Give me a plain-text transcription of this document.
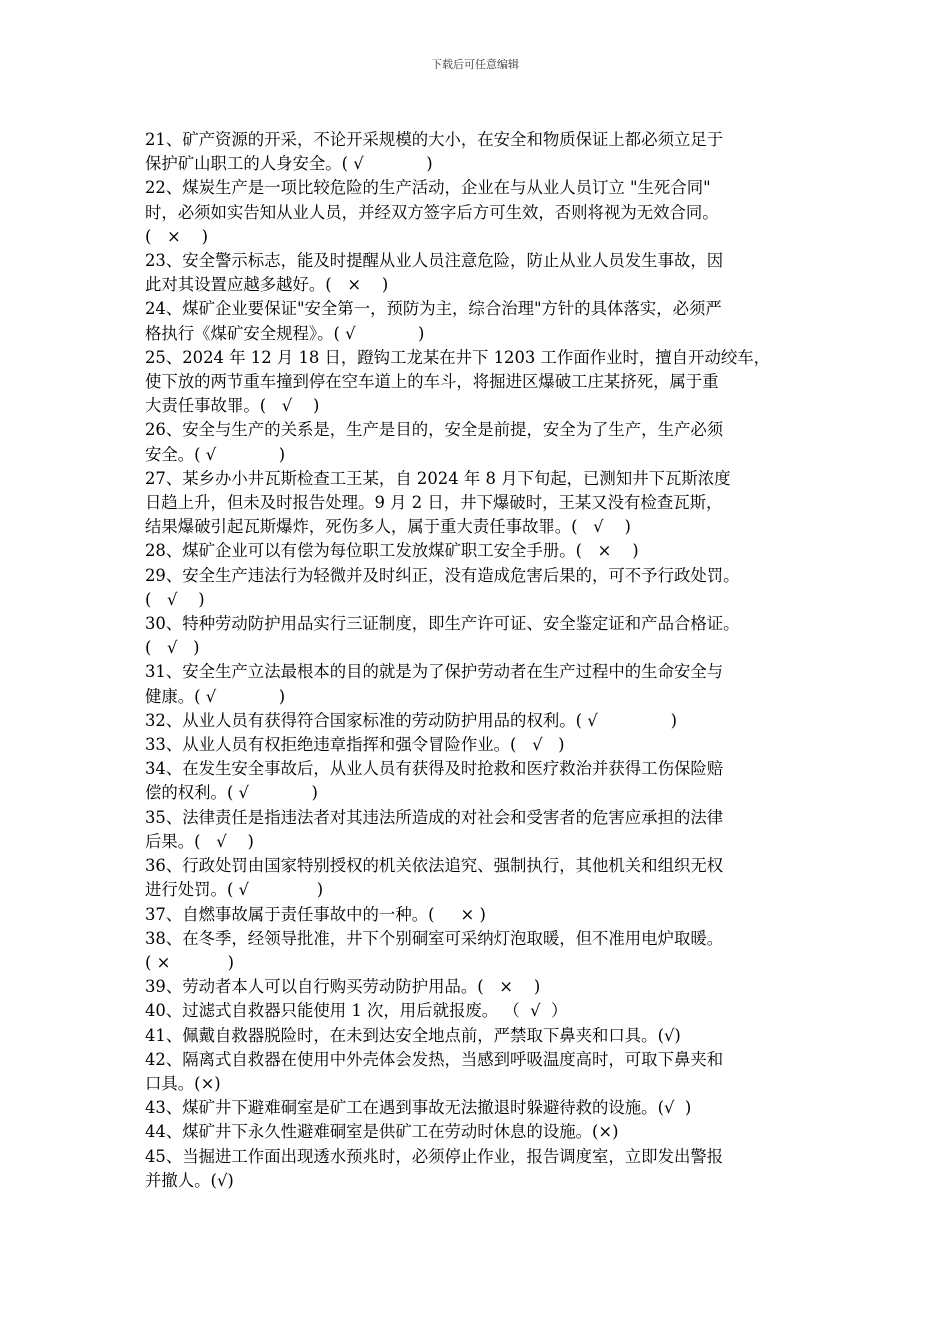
下载后可任意编辑
21、矿产资源的开采，不论开采规模的大小，在安全和物质保证上都必须立足于
保护矿山职工的人身安全。( √            )
22、煤炭生产是一项比较危险的生产活动，企业在与从业人员订立 "生死合同"
时，必须如实告知从业人员，并经双方签字后方可生效，否则将视为无效合同。
(   ×    )
23、安全警示标志，能及时提醒从业人员注意危险，防止从业人员发生事故，因
此对其设置应越多越好。(   ×    )
24、煤矿企业要保证"安全第一，预防为主，综合治理"方针的具体落实，必须严
格执行《煤矿安全规程》。( √            )
25、2024 年 12 月 18 日，蹬钩工龙某在井下 1203 工作面作业时，擅自开动绞车，
使下放的两节重车撞到停在空车道上的车斗，将掘进区爆破工庄某挤死，属于重
大责任事故罪。(   √    )
26、安全与生产的关系是，生产是目的，安全是前提，安全为了生产，生产必须
安全。( √            )
27、某乡办小井瓦斯检查工王某，自 2024 年 8 月下旬起，已测知井下瓦斯浓度
日趋上升，但未及时报告处理。9 月 2 日，井下爆破时，王某又没有检查瓦斯，
结果爆破引起瓦斯爆炸，死伤多人，属于重大责任事故罪。(   √    )
28、煤矿企业可以有偿为每位职工发放煤矿职工安全手册。(   ×    )
29、安全生产违法行为轻微并及时纠正，没有造成危害后果的，可不予行政处罚。
(   √    )
30、特种劳动防护用品实行三证制度，即生产许可证、安全鉴定证和产品合格证。
(   √   )
31、安全生产立法最根本的目的就是为了保护劳动者在生产过程中的生命安全与
健康。( √            )
32、从业人员有获得符合国家标准的劳动防护用品的权利。( √              )
33、从业人员有权拒绝违章指挥和强令冒险作业。(   √   )
34、在发生安全事故后，从业人员有获得及时抢救和医疗救治并获得工伤保险赔
偿的权利。( √            )
35、法律责任是指违法者对其违法所造成的对社会和受害者的危害应承担的法律
后果。(   √    )
36、行政处罚由国家特别授权的机关依法追究、强制执行，其他机关和组织无权
进行处罚。( √             )
37、自燃事故属于责任事故中的一种。(     × )
38、在冬季，经领导批准，井下个别硐室可采纳灯泡取暖，但不准用电炉取暖。
( ×           )
39、劳动者本人可以自行购买劳动防护用品。(   ×    )
40、过滤式自救器只能使用 1 次，用后就报废。 （  √  ）
41、佩戴自救器脱险时，在未到达安全地点前，严禁取下鼻夹和口具。(√)
42、隔离式自救器在使用中外壳体会发热，当感到呼吸温度高时，可取下鼻夹和
口具。(×)
43、煤矿井下避难硐室是矿工在遇到事故无法撤退时躲避待救的设施。(√  )
44、煤矿井下永久性避难硐室是供矿工在劳动时休息的设施。(×)
45、当掘进工作面出现透水预兆时，必须停止作业，报告调度室，立即发出警报
并撤人。(√)
